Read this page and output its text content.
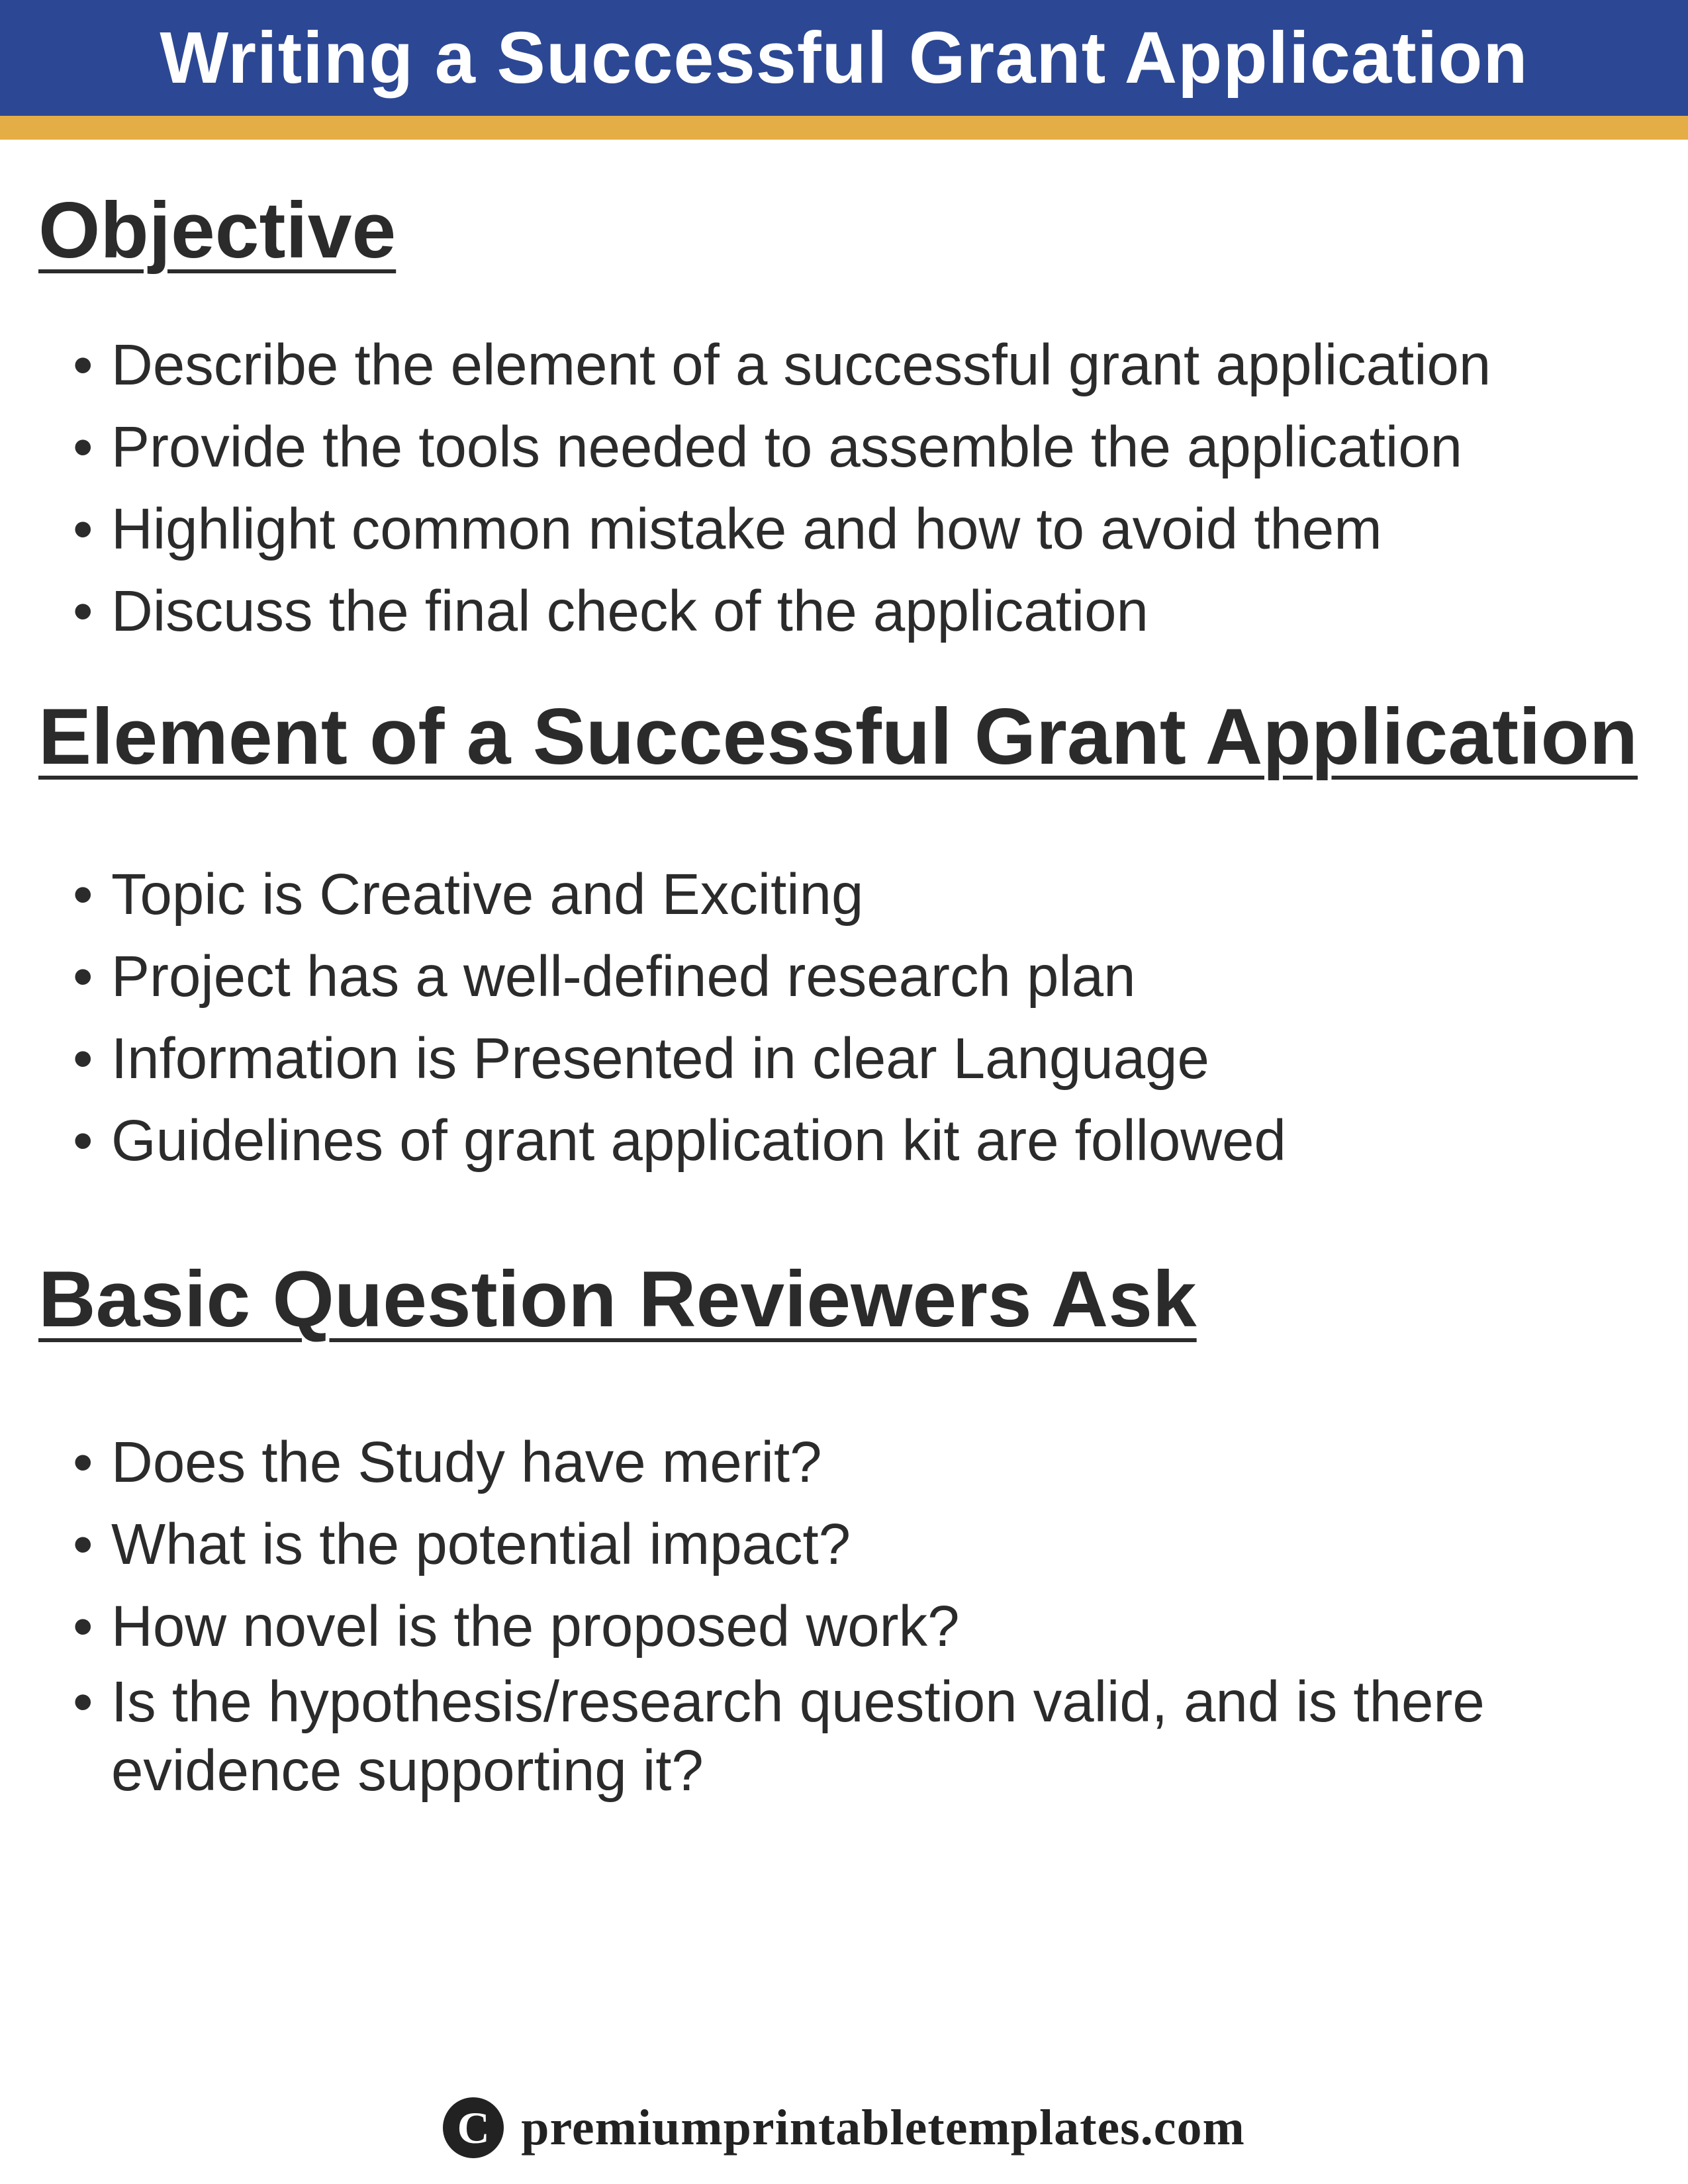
Writing a Successful Grant Application
Objective
• Describe the element of a successful grant application
• Provide the tools needed to assemble the application
• Highlight common mistake and how to avoid them
• Discuss the final check of the application
Element of a Successful Grant Application
• Topic is Creative and Exciting
• Project has a well-defined research plan
• Information is Presented in clear Language
• Guidelines of grant application kit are followed
Basic Question Reviewers Ask
• Does the Study have merit?
• What is the potential impact?
• How novel is the proposed work?
• Is the hypothesis/research question valid, and is there evidence supporting it?
C premiumprintabletemplates.com
